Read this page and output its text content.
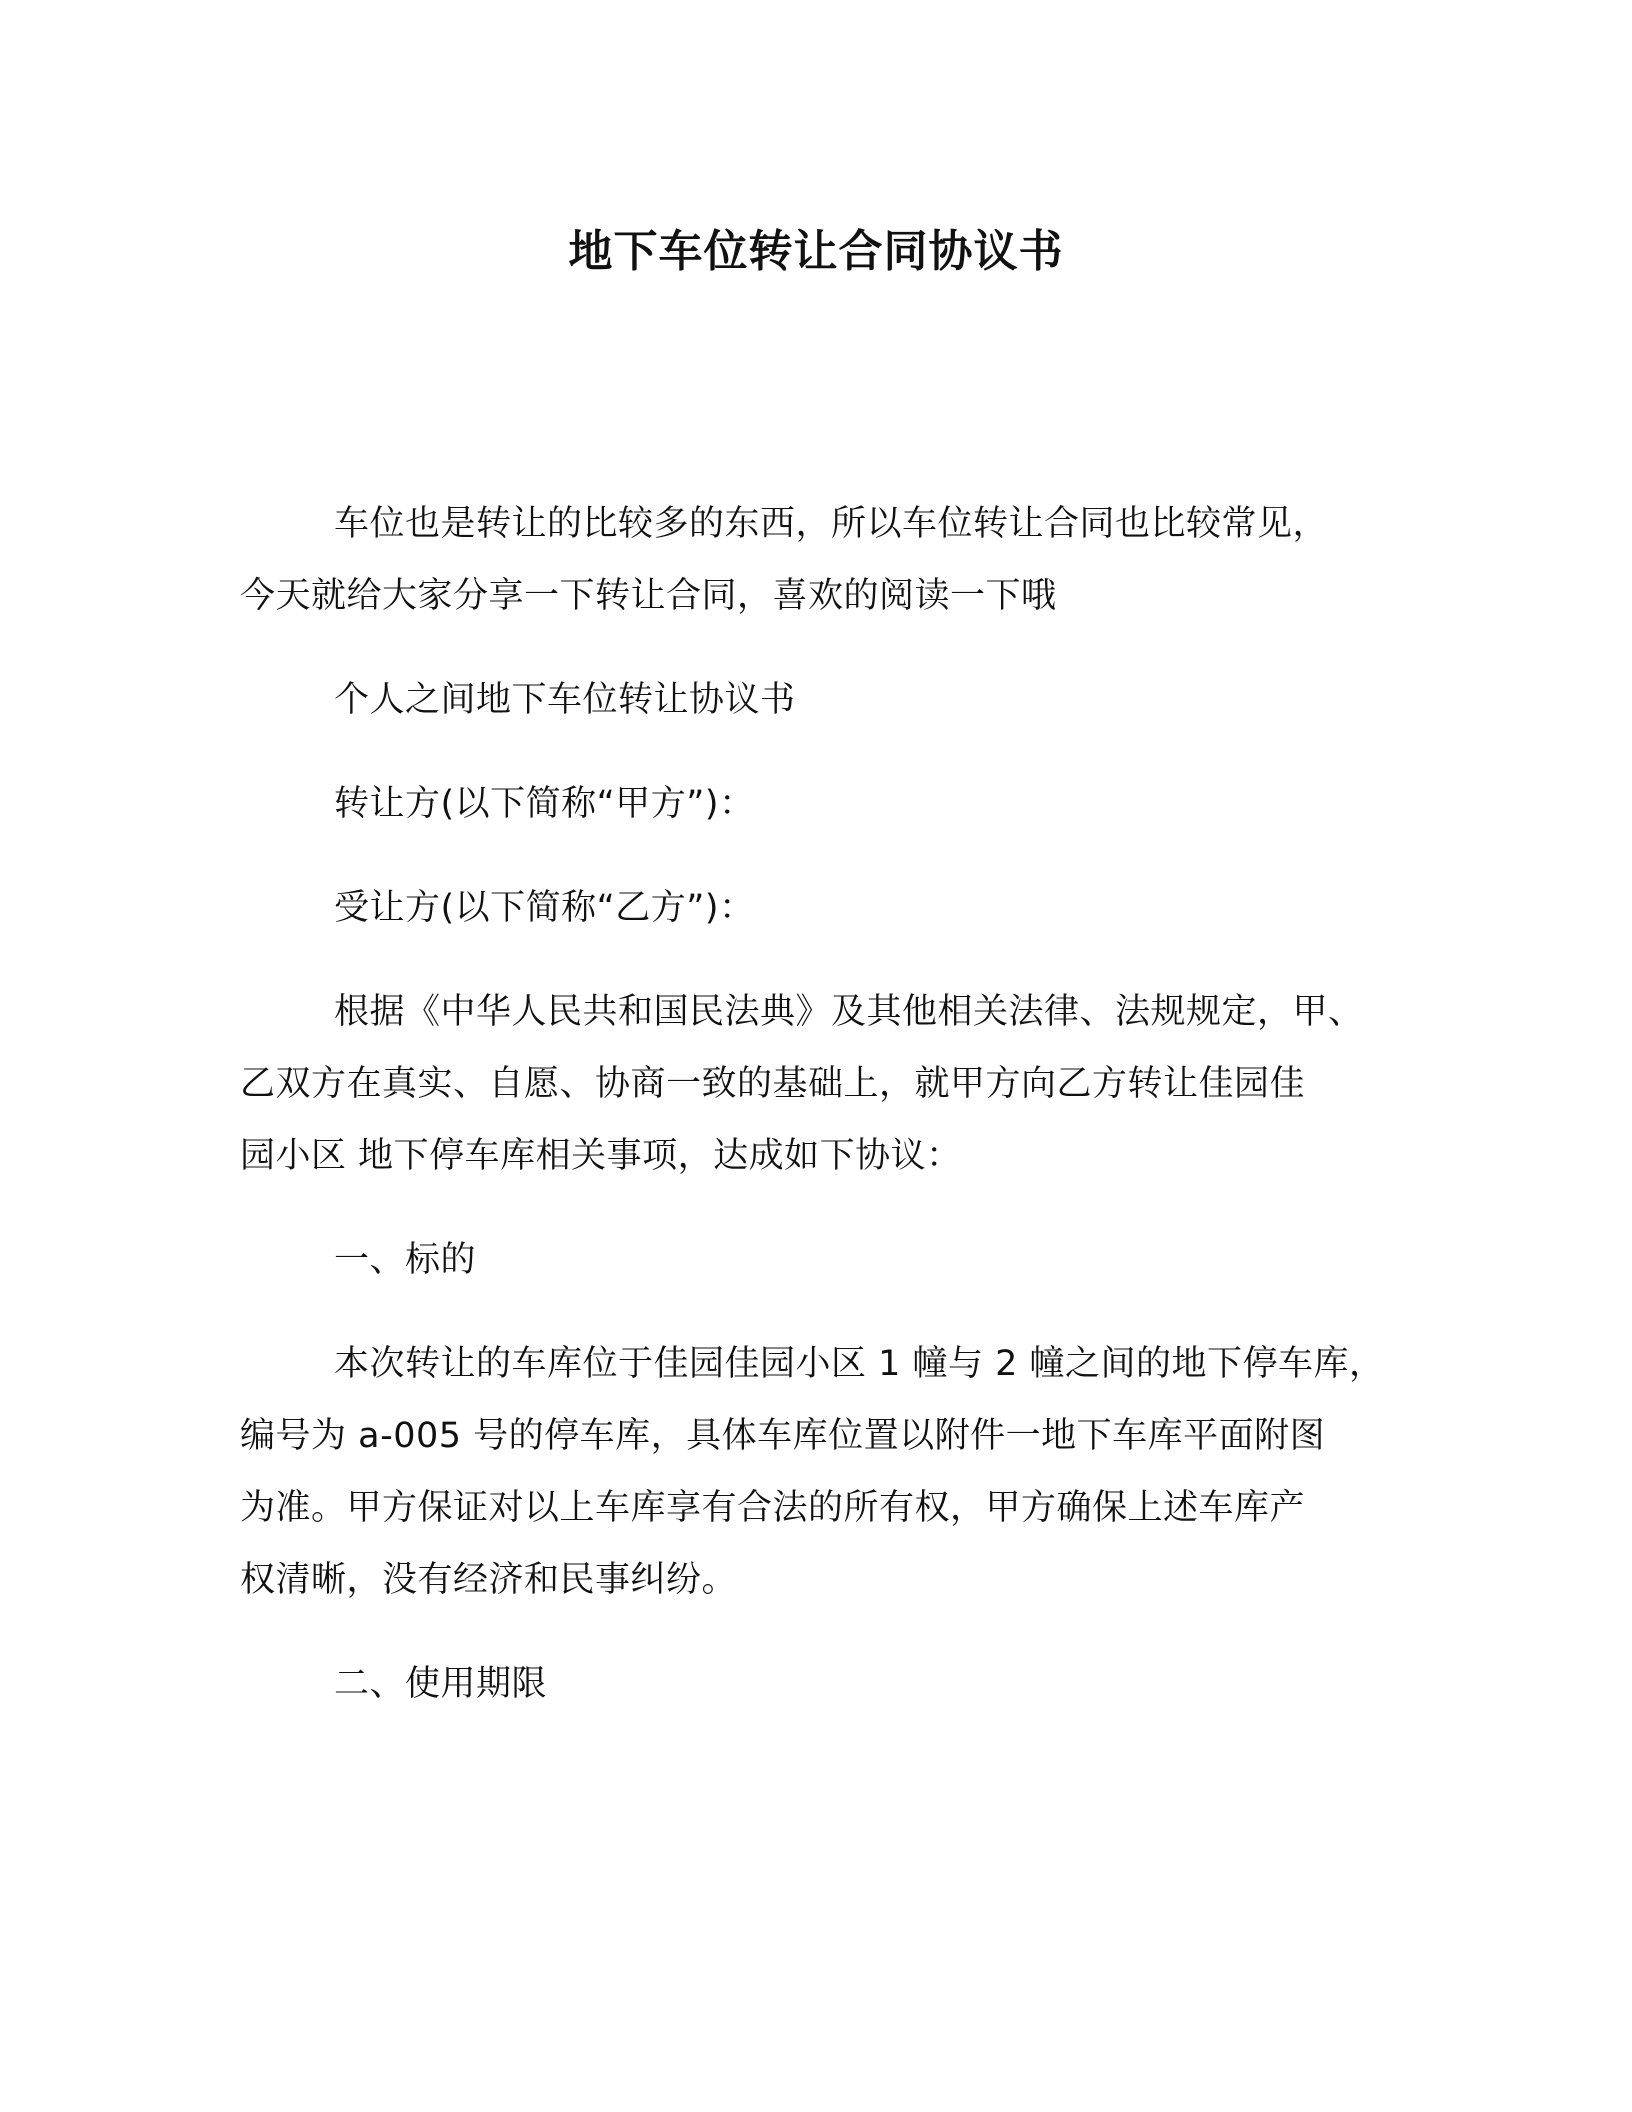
地下车位转让合同协议书

车位也是转让的比较多的东西，所以车位转让合同也比较常见，
今天就给大家分享一下转让合同，喜欢的阅读一下哦

个人之间地下车位转让协议书

转让方(以下简称“甲方”)：

受让方(以下简称“乙方”)：

根据《中华人民共和国民法典》及其他相关法律、法规规定，甲、
乙双方在真实、自愿、协商一致的基础上，就甲方向乙方转让佳园佳
园小区 地下停车库相关事项，达成如下协议：

一、标的

本次转让的车库位于佳园佳园小区 1 幢与 2 幢之间的地下停车库，
编号为 a-005 号的停车库，具体车库位置以附件一地下车库平面附图
为准。甲方保证对以上车库享有合法的所有权，甲方确保上述车库产
权清晰，没有经济和民事纠纷。

二、使用期限
